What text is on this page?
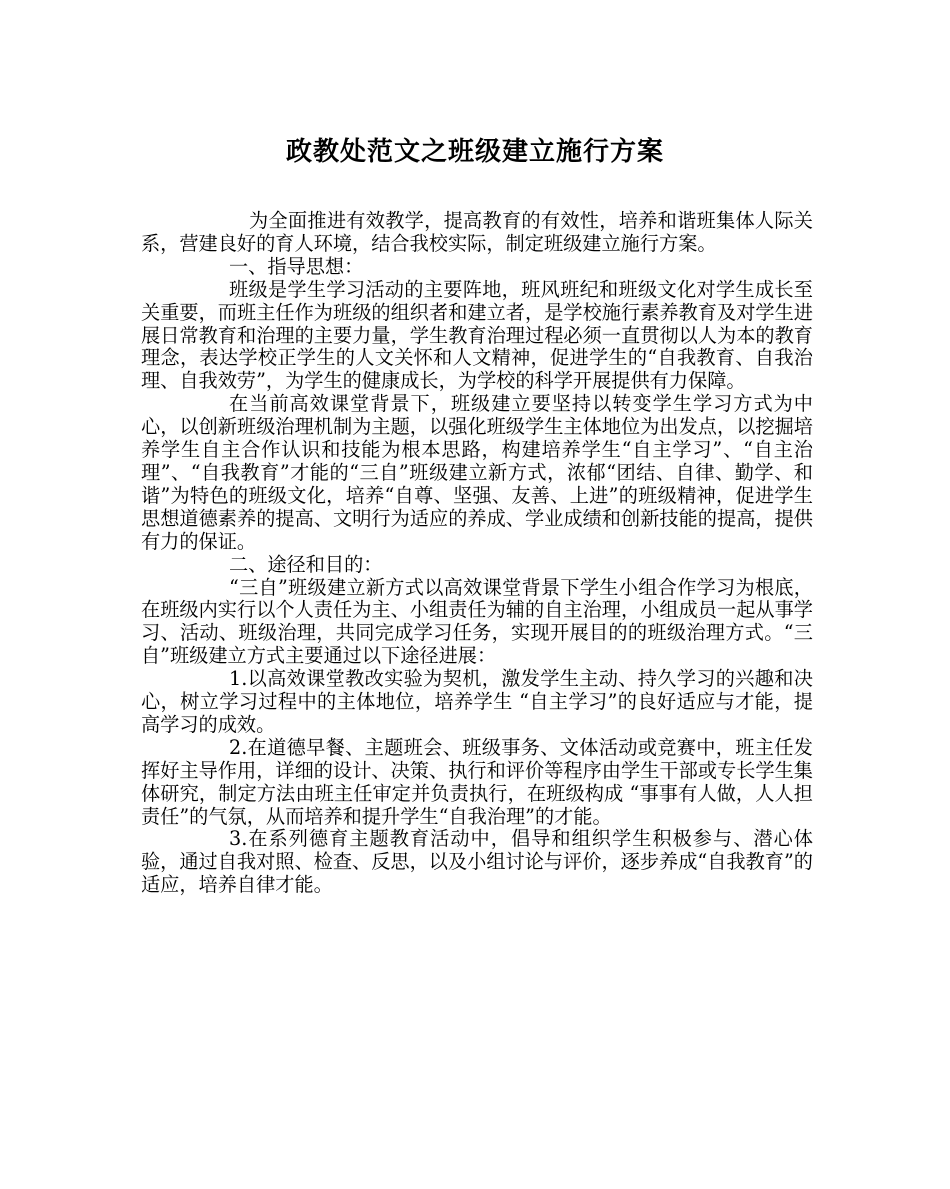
政教处范文之班级建立施行方案

为全面推进有效教学，提高教育的有效性，培养和谐班集体人际关系，营建良好的育人环境，结合我校实际，制定班级建立施行方案。

一、指导思想：

班级是学生学习活动的主要阵地，班风班纪和班级文化对学生成长至关重要，而班主任作为班级的组织者和建立者，是学校施行素养教育及对学生进展日常教育和治理的主要力量，学生教育治理过程必须一直贯彻以人为本的教育理念，表达学校正学生的人文关怀和人文精神，促进学生的“自我教育、自我治理、自我效劳”，为学生的健康成长，为学校的科学开展提供有力保障。

在当前高效课堂背景下，班级建立要坚持以转变学生学习方式为中心，以创新班级治理机制为主题，以强化班级学生主体地位为出发点，以挖掘培养学生自主合作认识和技能为根本思路，构建培养学生“自主学习”、“自主治理”、“自我教育”才能的“三自”班级建立新方式，浓郁“团结、自律、勤学、和谐”为特色的班级文化，培养“自尊、坚强、友善、上进”的班级精神，促进学生思想道德素养的提高、文明行为适应的养成、学业成绩和创新技能的提高，提供有力的保证。

二、途径和目的：

“三自”班级建立新方式以高效课堂背景下学生小组合作学习为根底，在班级内实行以个人责任为主、小组责任为辅的自主治理，小组成员一起从事学习、活动、班级治理，共同完成学习任务，实现开展目的的班级治理方式。“三自”班级建立方式主要通过以下途径进展：

1.以高效课堂教改实验为契机，激发学生主动、持久学习的兴趣和决心，树立学习过程中的主体地位，培养学生 “自主学习”的良好适应与才能，提高学习的成效。

2.在道德早餐、主题班会、班级事务、文体活动或竞赛中，班主任发挥好主导作用，详细的设计、决策、执行和评价等程序由学生干部或专长学生集体研究，制定方法由班主任审定并负责执行，在班级构成 “事事有人做，人人担责任”的气氛，从而培养和提升学生“自我治理”的才能。

3.在系列德育主题教育活动中，倡导和组织学生积极参与、潜心体验，通过自我对照、检查、反思，以及小组讨论与评价，逐步养成“自我教育”的适应，培养自律才能。
